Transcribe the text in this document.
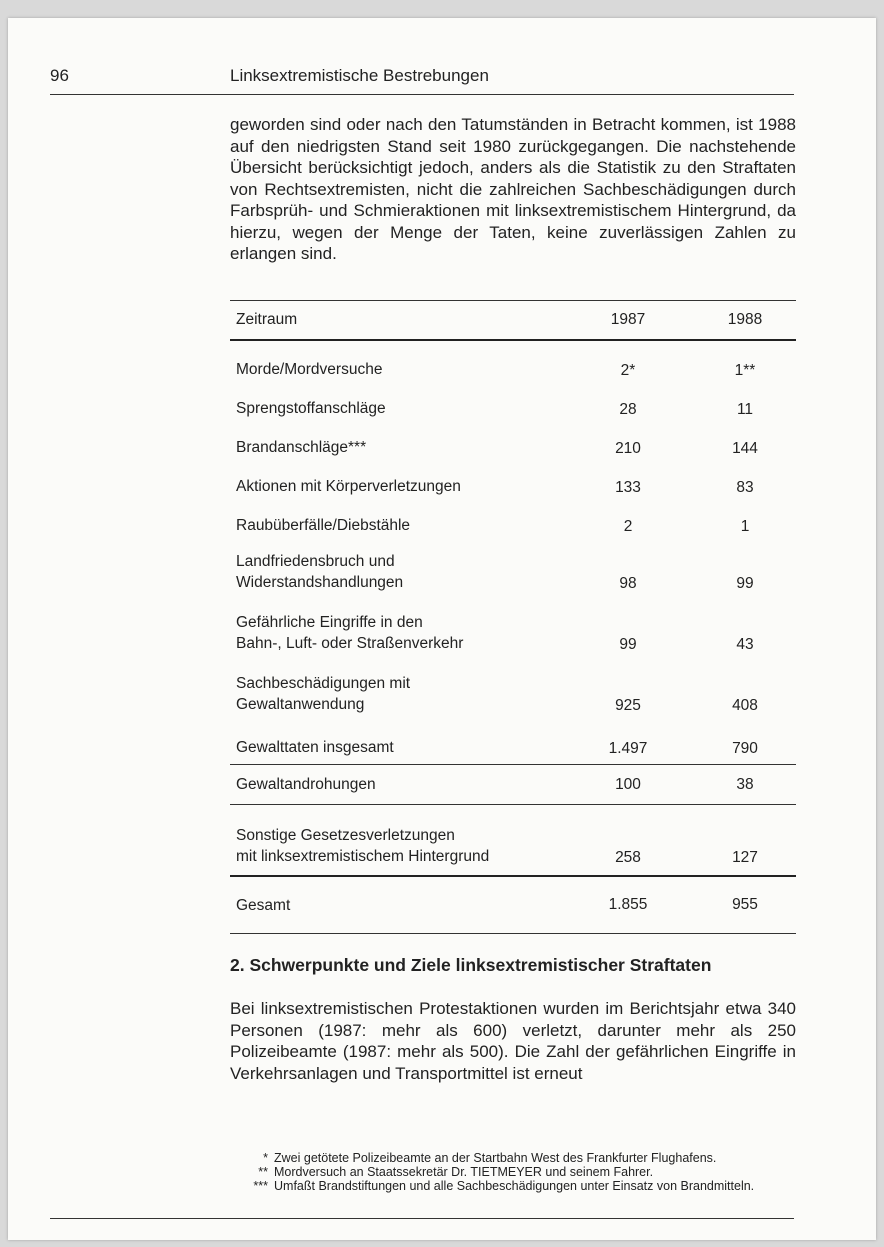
96	Linksextremistische Bestrebungen

geworden sind oder nach den Tatumständen in Betracht kommen, ist 1988 auf den niedrigsten Stand seit 1980 zurückgegangen. Die nachstehende Übersicht berücksichtigt jedoch, anders als die Statistik zu den Straftaten von Rechtsextremisten, nicht die zahlreichen Sachbeschädigungen durch Farbsprüh- und Schmieraktionen mit linksextremistischem Hintergrund, da hierzu, wegen der Menge der Taten, keine zuverlässigen Zahlen zu erlangen sind.

Zeitraum	1987	1988
Morde/Mordversuche	2*	1**
Sprengstoffanschläge	28	11
Brandanschläge***	210	144
Aktionen mit Körperverletzungen	133	83
Raubüberfälle/Diebstähle	2	1

Landfriedensbruch und
Widerstandshandlungen	98	99

Gefährliche Eingriffe in den
Bahn-, Luft- oder Straßenverkehr	99	43

Sachbeschädigungen mit
Gewaltanwendung	925	408
Gewalttaten insgesamt	1.497	790
Gewaltandrohungen	100	38

Sonstige Gesetzesverletzungen
mit linksextremistischem Hintergrund	258	127
Gesamt	1.855	955
2. Schwerpunkte und Ziele linksextremistischer Straftaten

Bei linksextremistischen Protestaktionen wurden im Berichtsjahr etwa 340 Personen (1987: mehr als 600) verletzt, darunter mehr als 250 Polizeibeamte (1987: mehr als 500). Die Zahl der gefährlichen Eingriffe in Verkehrsanlagen und Transportmittel ist erneut

* Zwei getötete Polizeibeamte an der Startbahn West des Frankfurter Flughafens.
** Mordversuch an Staatssekretär Dr. TIETMEYER und seinem Fahrer.
*** Umfaßt Brandstiftungen und alle Sachbeschädigungen unter Einsatz von Brandmitteln.
